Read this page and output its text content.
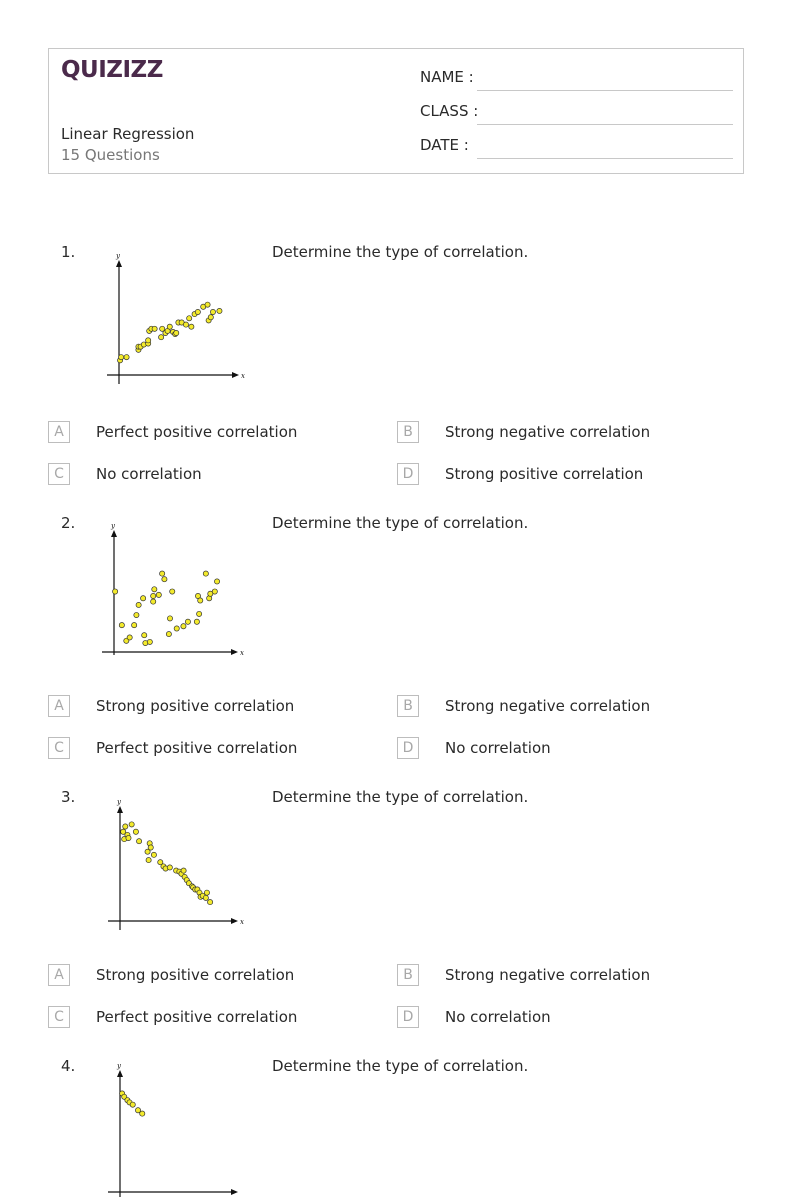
QUIZIZZ
Linear Regression
15 Questions
NAME :
CLASS :
DATE :
1.	Determine the type of correlation.
y
x
A	Perfect positive correlation	B	Strong negative correlation
C	No correlation	D	Strong positive correlation
2.	Determine the type of correlation.
y
x
A	Strong positive correlation	B	Strong negative correlation
C	Perfect positive correlation	D	No correlation
3.	Determine the type of correlation.
y
x
A	Strong positive correlation	B	Strong negative correlation
C	Perfect positive correlation	D	No correlation
4.	Determine the type of correlation.
y
